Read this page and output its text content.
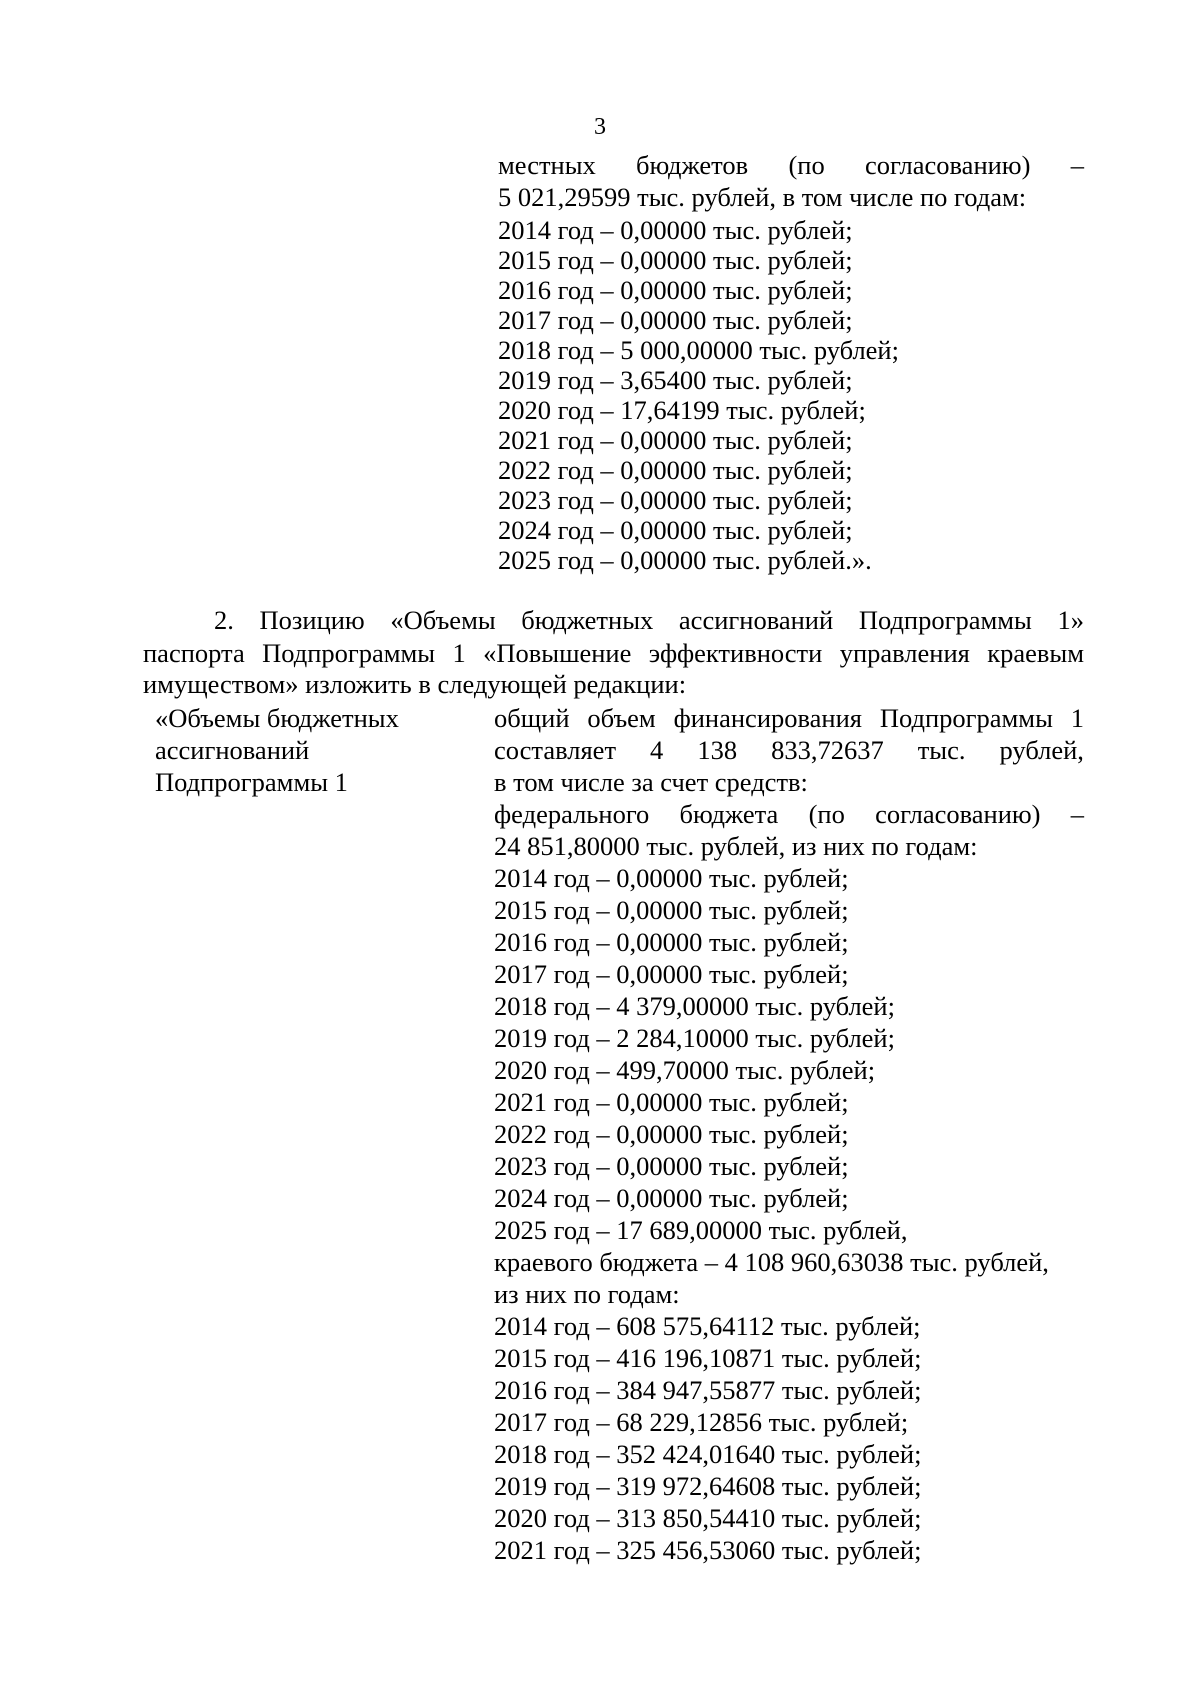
3
местных бюджетов (по согласованию) –
5 021,29599 тыс. рублей, в том числе по годам:
2014 год – 0,00000 тыс. рублей;
2015 год – 0,00000 тыс. рублей;
2016 год – 0,00000 тыс. рублей;
2017 год – 0,00000 тыс. рублей;
2018 год – 5 000,00000 тыс. рублей;
2019 год – 3,65400 тыс. рублей;
2020 год – 17,64199 тыс. рублей;
2021 год – 0,00000 тыс. рублей;
2022 год – 0,00000 тыс. рублей;
2023 год – 0,00000 тыс. рублей;
2024 год – 0,00000 тыс. рублей;
2025 год – 0,00000 тыс. рублей.».
2. Позицию «Объемы бюджетных ассигнований Подпрограммы 1»
паспорта Подпрограммы 1 «Повышение эффективности управления краевым
имуществом» изложить в следующей редакции:
«Объемы бюджетных
ассигнований
Подпрограммы 1
общий объем финансирования Подпрограммы 1
составляет 4 138 833,72637 тыс. рублей,
в том числе за счет средств:
федерального бюджета (по согласованию) –
24 851,80000 тыс. рублей, из них по годам:
2014 год – 0,00000 тыс. рублей;
2015 год – 0,00000 тыс. рублей;
2016 год – 0,00000 тыс. рублей;
2017 год – 0,00000 тыс. рублей;
2018 год – 4 379,00000 тыс. рублей;
2019 год – 2 284,10000 тыс. рублей;
2020 год – 499,70000 тыс. рублей;
2021 год – 0,00000 тыс. рублей;
2022 год – 0,00000 тыс. рублей;
2023 год – 0,00000 тыс. рублей;
2024 год – 0,00000 тыс. рублей;
2025 год – 17 689,00000 тыс. рублей,
краевого бюджета – 4 108 960,63038 тыс. рублей,
из них по годам:
2014 год – 608 575,64112 тыс. рублей;
2015 год – 416 196,10871 тыс. рублей;
2016 год – 384 947,55877 тыс. рублей;
2017 год – 68 229,12856 тыс. рублей;
2018 год – 352 424,01640 тыс. рублей;
2019 год – 319 972,64608 тыс. рублей;
2020 год – 313 850,54410 тыс. рублей;
2021 год – 325 456,53060 тыс. рублей;
